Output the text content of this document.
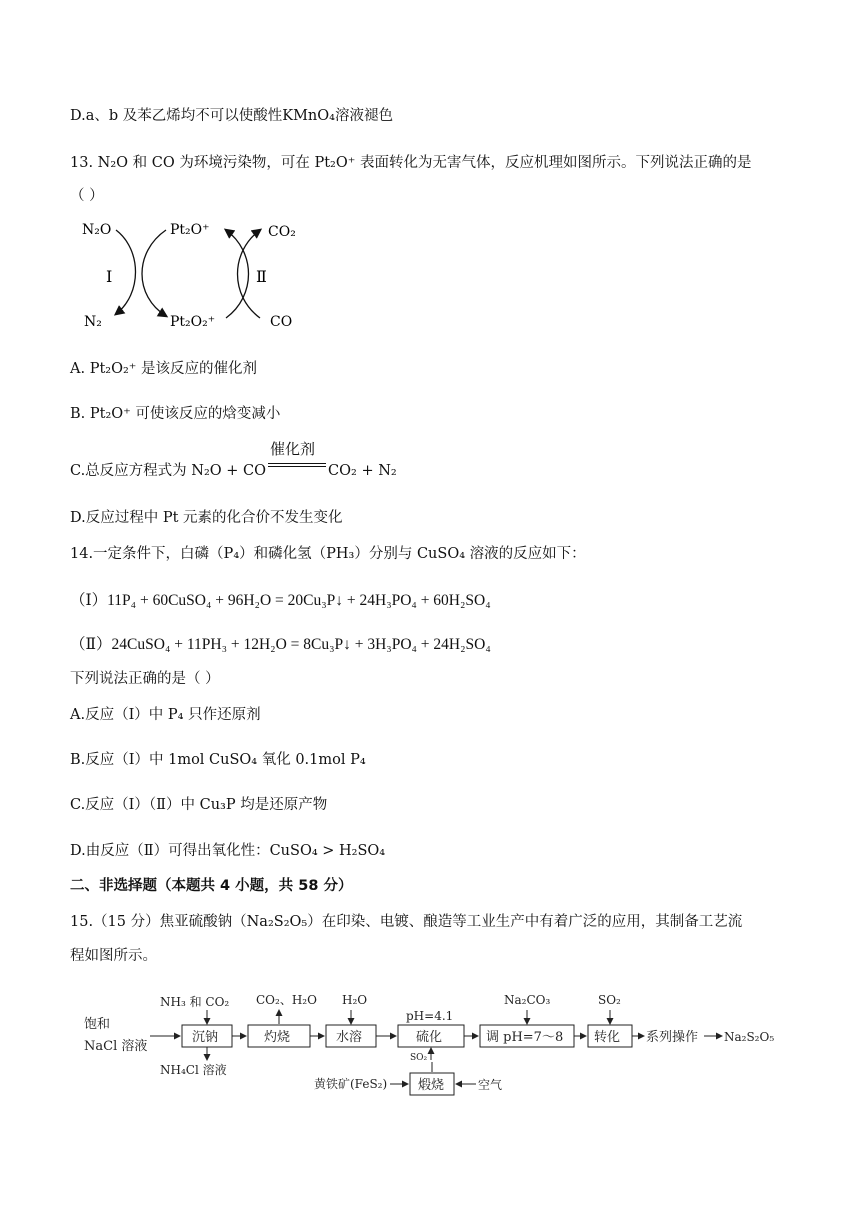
D.a、b 及苯乙烯均不可以使酸性KMnO₄溶液褪色
13. N₂O 和 CO 为环境污染物，可在 Pt₂O⁺ 表面转化为无害气体，反应机理如图所示。下列说法正确的是
（ ）
N₂O	Pt₂O⁺	CO₂
N₂	Pt₂O₂⁺	CO
Ⅰ	Ⅱ
A. Pt₂O₂⁺ 是该反应的催化剂
B. Pt₂O⁺ 可使该反应的焓变减小
C.总反应方程式为 N₂O + CO
催化剂
CO₂ + N₂
D.反应过程中 Pt 元素的化合价不发生变化
14.一定条件下，白磷（P₄）和磷化氢（PH₃）分别与 CuSO₄ 溶液的反应如下：
（Ⅰ）11P₄ + 60CuSO₄ + 96H₂O = 20Cu₃P↓ + 24H₃PO₄ + 60H₂SO₄
（Ⅱ）24CuSO₄ + 11PH₃ + 12H₂O = 8Cu₃P↓ + 3H₃PO₄ + 24H₂SO₄
下列说法正确的是（ ）
A.反应（Ⅰ）中 P₄ 只作还原剂
B.反应（Ⅰ）中 1mol CuSO₄ 氧化 0.1mol P₄
C.反应（Ⅰ）（Ⅱ）中 Cu₃P 均是还原产物
D.由反应（Ⅱ）可得出氧化性：CuSO₄ > H₂SO₄
二、非选择题（本题共 4 小题，共 58 分）
15.（15 分）焦亚硫酸钠（Na₂S₂O₅）在印染、电镀、酿造等工业生产中有着广泛的应用，其制备工艺流
程如图所示。
饱和
NaCl 溶液
沉钠
NH₃ 和 CO₂
NH₄Cl 溶液
灼烧
CO₂、H₂O
水溶
H₂O
硫化
pH=4.1
SO₂
调 pH=7～8
Na₂CO₃
转化
SO₂
系列操作 Na₂S₂O₅
黄铁矿(FeS₂) 煅烧	空气
